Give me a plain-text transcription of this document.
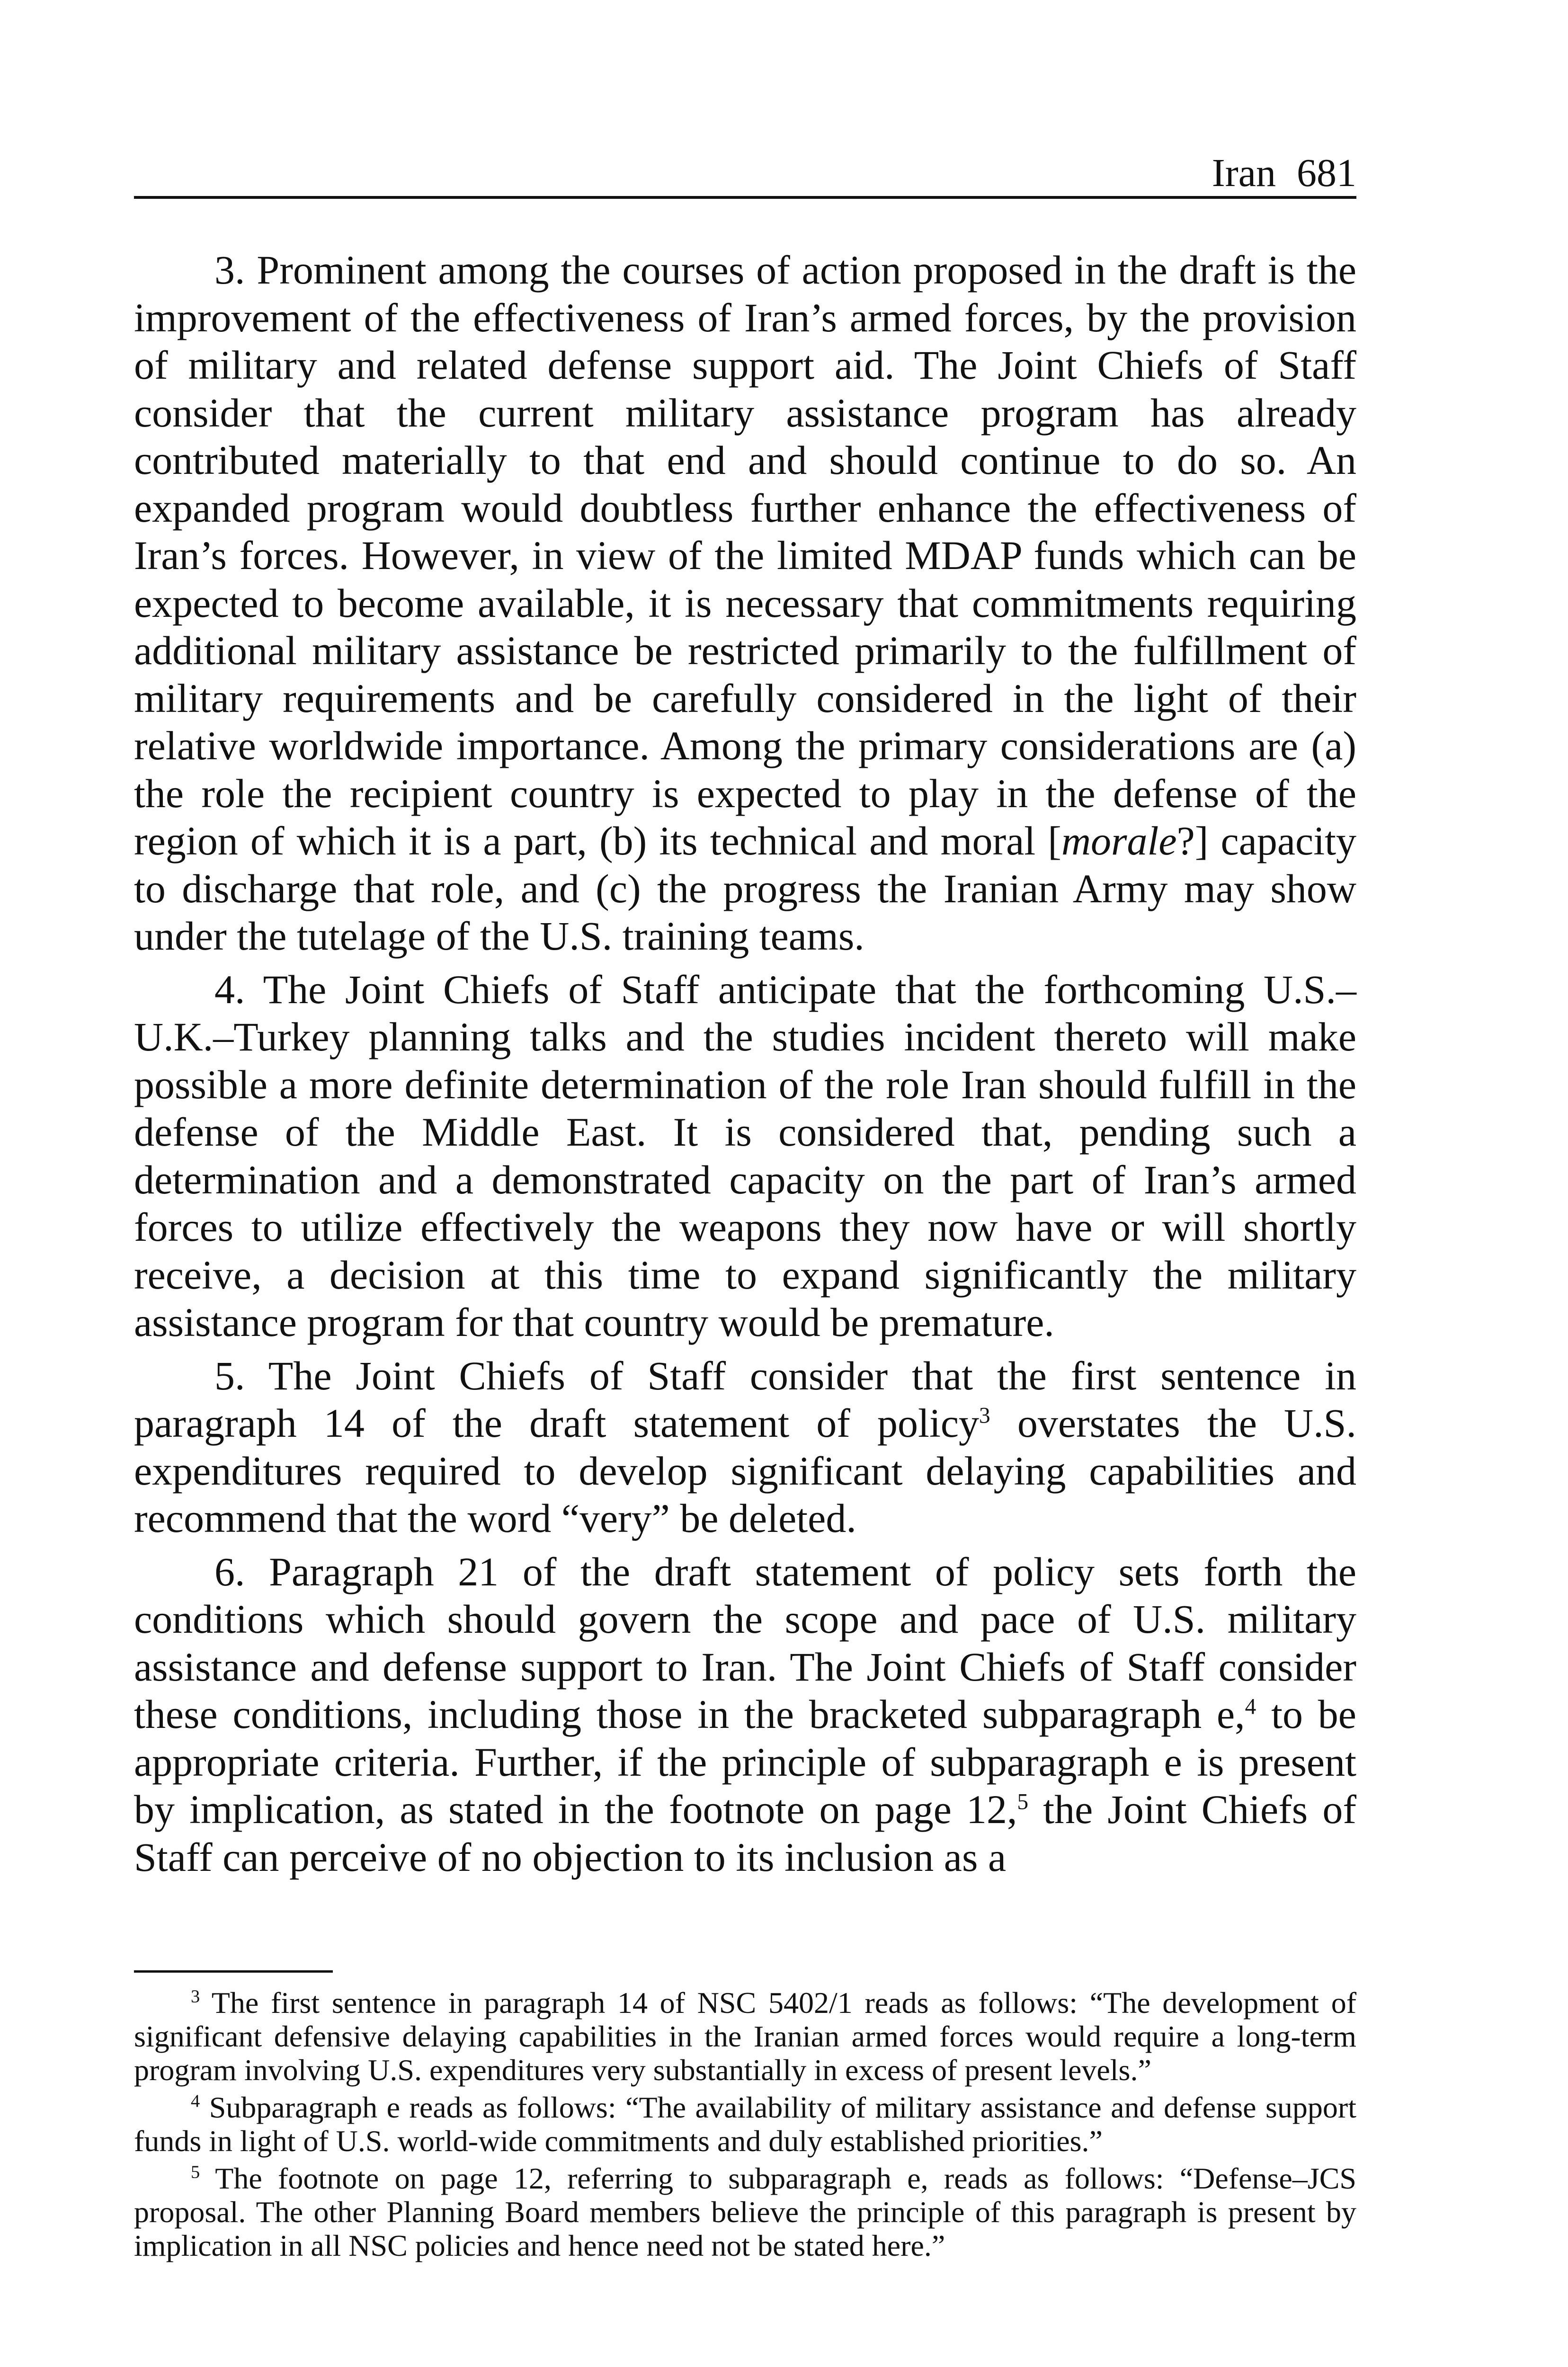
Iran 681

3. Prominent among the courses of action proposed in the draft is the improvement of the effectiveness of Iran’s armed forces, by the provision of military and related defense support aid. The Joint Chiefs of Staff consider that the current military assistance program has already contributed materially to that end and should continue to do so. An expanded program would doubtless further enhance the effectiveness of Iran’s forces. However, in view of the limited MDAP funds which can be expected to become available, it is necessary that commitments requiring additional military assistance be restricted primarily to the fulfillment of military requirements and be carefully considered in the light of their relative worldwide importance. Among the primary considerations are (a) the role the recipient country is expected to play in the defense of the region of which it is a part, (b) its technical and moral [morale?] capacity to discharge that role, and (c) the progress the Iranian Army may show under the tutelage of the U.S. training teams.

4. The Joint Chiefs of Staff anticipate that the forthcoming U.S.–U.K.–Turkey planning talks and the studies incident thereto will make possible a more definite determination of the role Iran should fulfill in the defense of the Middle East. It is considered that, pending such a determination and a demonstrated capacity on the part of Iran’s armed forces to utilize effectively the weapons they now have or will shortly receive, a decision at this time to expand significantly the military assistance program for that country would be premature.

5. The Joint Chiefs of Staff consider that the first sentence in paragraph 14 of the draft statement of policy$^3$ overstates the U.S. expenditures required to develop significant delaying capabilities and recommend that the word “very” be deleted.

6. Paragraph 21 of the draft statement of policy sets forth the conditions which should govern the scope and pace of U.S. military assistance and defense support to Iran. The Joint Chiefs of Staff consider these conditions, including those in the bracketed subparagraph e,$^4$ to be appropriate criteria. Further, if the principle of subparagraph e is present by implication, as stated in the footnote on page 12,$^5$ the Joint Chiefs of Staff can perceive of no objection to its inclusion as a

$^3$ The first sentence in paragraph 14 of NSC 5402/1 reads as follows: “The development of significant defensive delaying capabilities in the Iranian armed forces would require a long-term program involving U.S. expenditures very substantially in excess of present levels.”

$^4$ Subparagraph e reads as follows: “The availability of military assistance and defense support funds in light of U.S. world-wide commitments and duly established priorities.”

$^5$ The footnote on page 12, referring to subparagraph e, reads as follows: “Defense–JCS proposal. The other Planning Board members believe the principle of this paragraph is present by implication in all NSC policies and hence need not be stated here.”
